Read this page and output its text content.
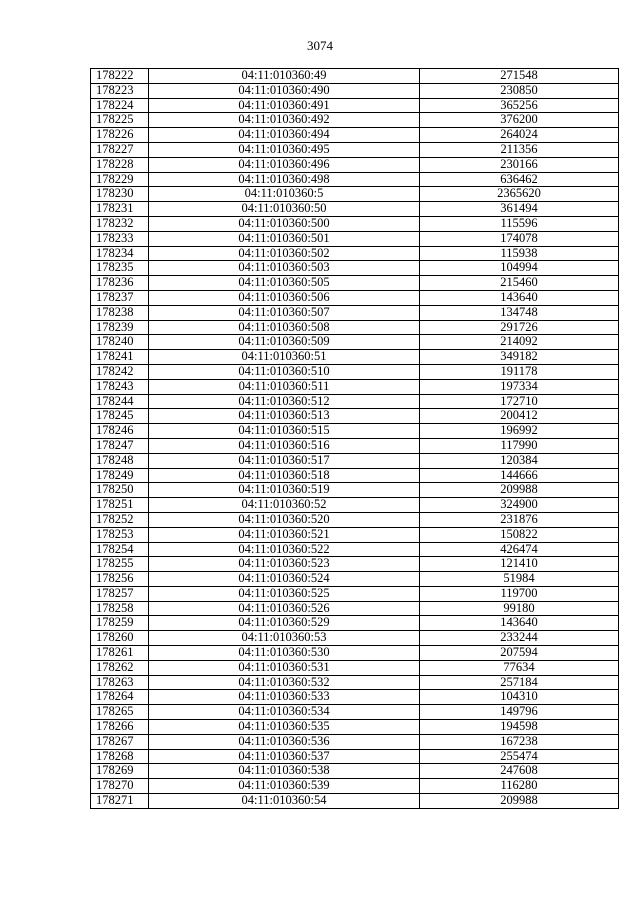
3074
178222	04:11:010360:49	271548
178223	04:11:010360:490	230850
178224	04:11:010360:491	365256
178225	04:11:010360:492	376200
178226	04:11:010360:494	264024
178227	04:11:010360:495	211356
178228	04:11:010360:496	230166
178229	04:11:010360:498	636462
178230	04:11:010360:5	2365620
178231	04:11:010360:50	361494
178232	04:11:010360:500	115596
178233	04:11:010360:501	174078
178234	04:11:010360:502	115938
178235	04:11:010360:503	104994
178236	04:11:010360:505	215460
178237	04:11:010360:506	143640
178238	04:11:010360:507	134748
178239	04:11:010360:508	291726
178240	04:11:010360:509	214092
178241	04:11:010360:51	349182
178242	04:11:010360:510	191178
178243	04:11:010360:511	197334
178244	04:11:010360:512	172710
178245	04:11:010360:513	200412
178246	04:11:010360:515	196992
178247	04:11:010360:516	117990
178248	04:11:010360:517	120384
178249	04:11:010360:518	144666
178250	04:11:010360:519	209988
178251	04:11:010360:52	324900
178252	04:11:010360:520	231876
178253	04:11:010360:521	150822
178254	04:11:010360:522	426474
178255	04:11:010360:523	121410
178256	04:11:010360:524	51984
178257	04:11:010360:525	119700
178258	04:11:010360:526	99180
178259	04:11:010360:529	143640
178260	04:11:010360:53	233244
178261	04:11:010360:530	207594
178262	04:11:010360:531	77634
178263	04:11:010360:532	257184
178264	04:11:010360:533	104310
178265	04:11:010360:534	149796
178266	04:11:010360:535	194598
178267	04:11:010360:536	167238
178268	04:11:010360:537	255474
178269	04:11:010360:538	247608
178270	04:11:010360:539	116280
178271	04:11:010360:54	209988
